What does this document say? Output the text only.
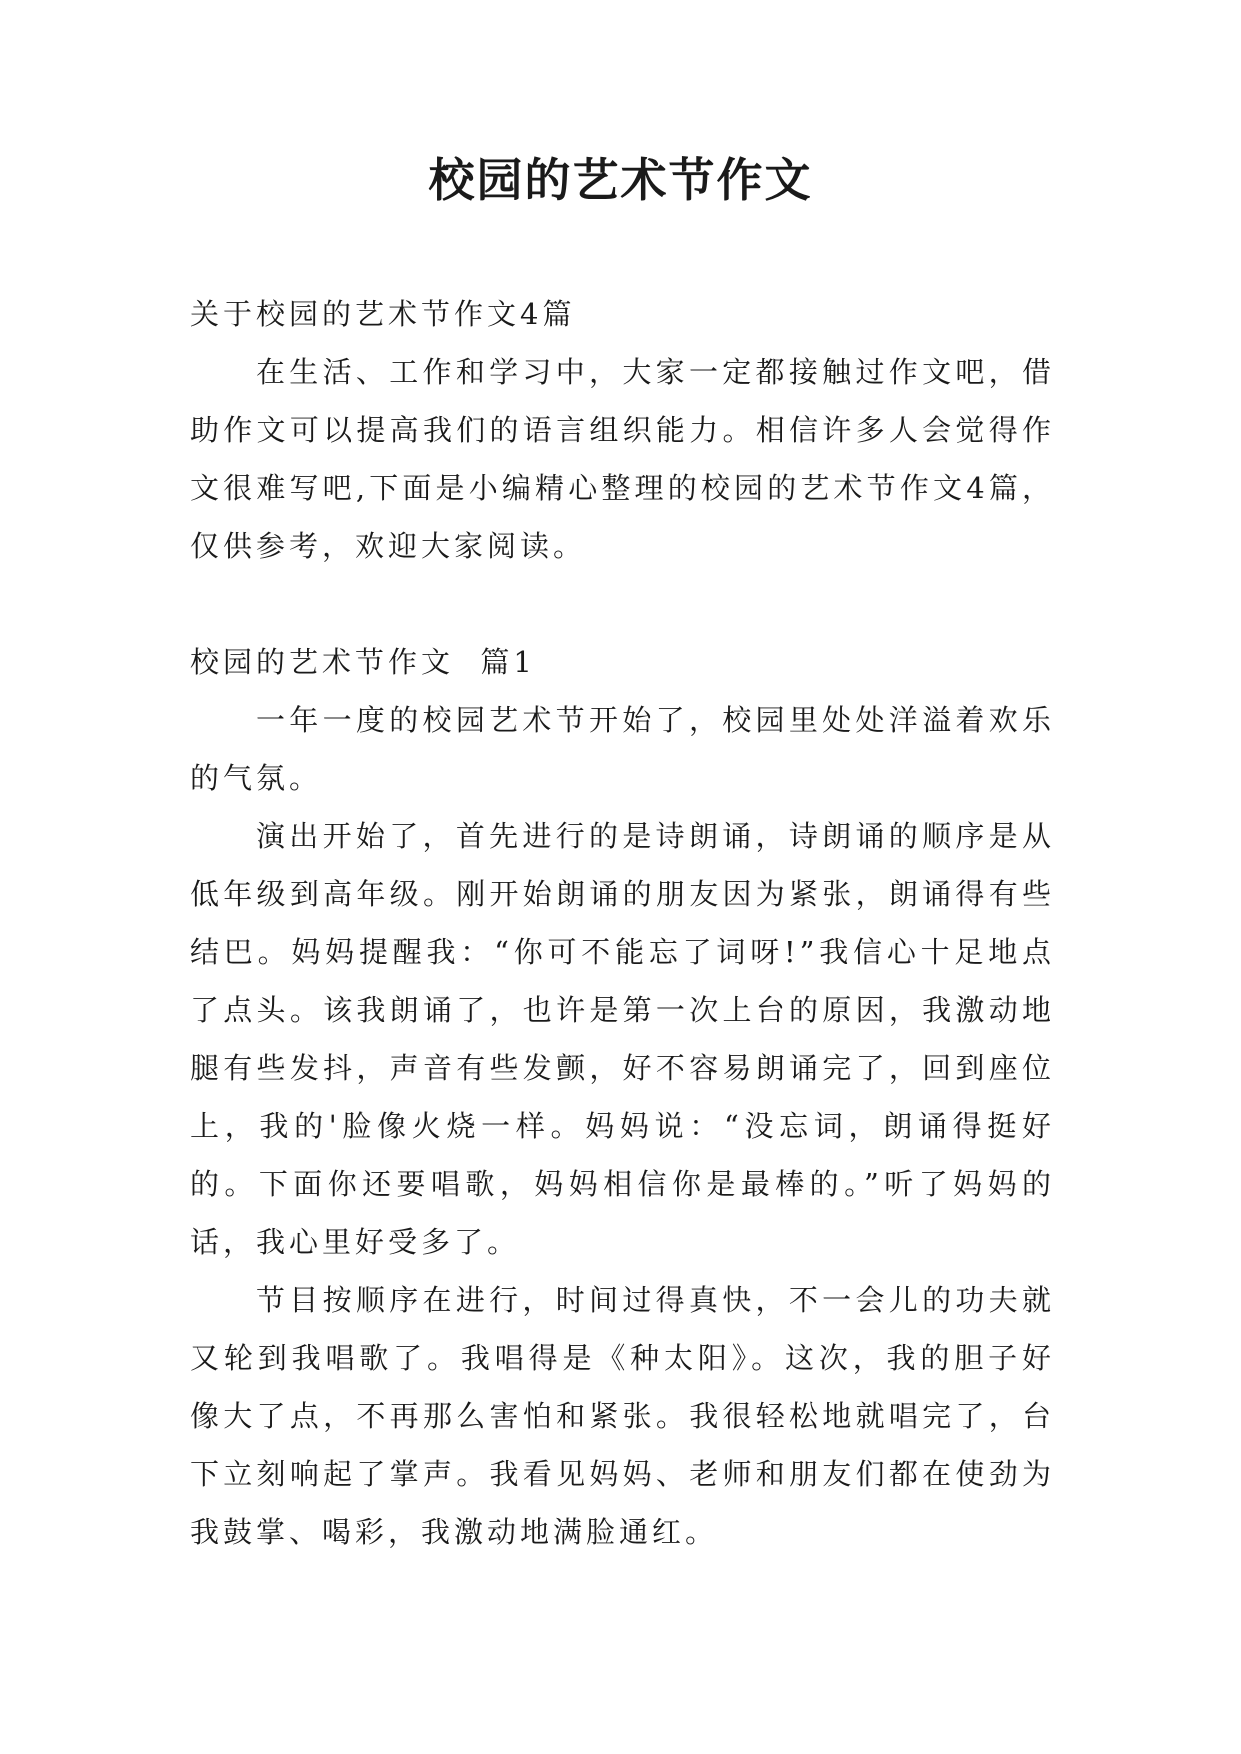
校园的艺术节作文

关于校园的艺术节作文4篇

在生活、工作和学习中，大家一定都接触过作文吧，借助作文可以提高我们的语言组织能力。相信许多人会觉得作文很难写吧,下面是小编精心整理的校园的艺术节作文4篇，仅供参考，欢迎大家阅读。

校园的艺术节作文  篇1

一年一度的校园艺术节开始了，校园里处处洋溢着欢乐的气氛。

演出开始了，首先进行的是诗朗诵，诗朗诵的顺序是从低年级到高年级。刚开始朗诵的朋友因为紧张，朗诵得有些结巴。妈妈提醒我：“你可不能忘了词呀!”我信心十足地点了点头。该我朗诵了，也许是第一次上台的原因，我激动地腿有些发抖，声音有些发颤，好不容易朗诵完了，回到座位上，我的'脸像火烧一样。妈妈说：“没忘词，朗诵得挺好的。下面你还要唱歌，妈妈相信你是最棒的。”听了妈妈的话，我心里好受多了。

节目按顺序在进行，时间过得真快，不一会儿的功夫就又轮到我唱歌了。我唱得是《种太阳》。这次，我的胆子好像大了点，不再那么害怕和紧张。我很轻松地就唱完了，台下立刻响起了掌声。我看见妈妈、老师和朋友们都在使劲为我鼓掌、喝彩，我激动地满脸通红。
